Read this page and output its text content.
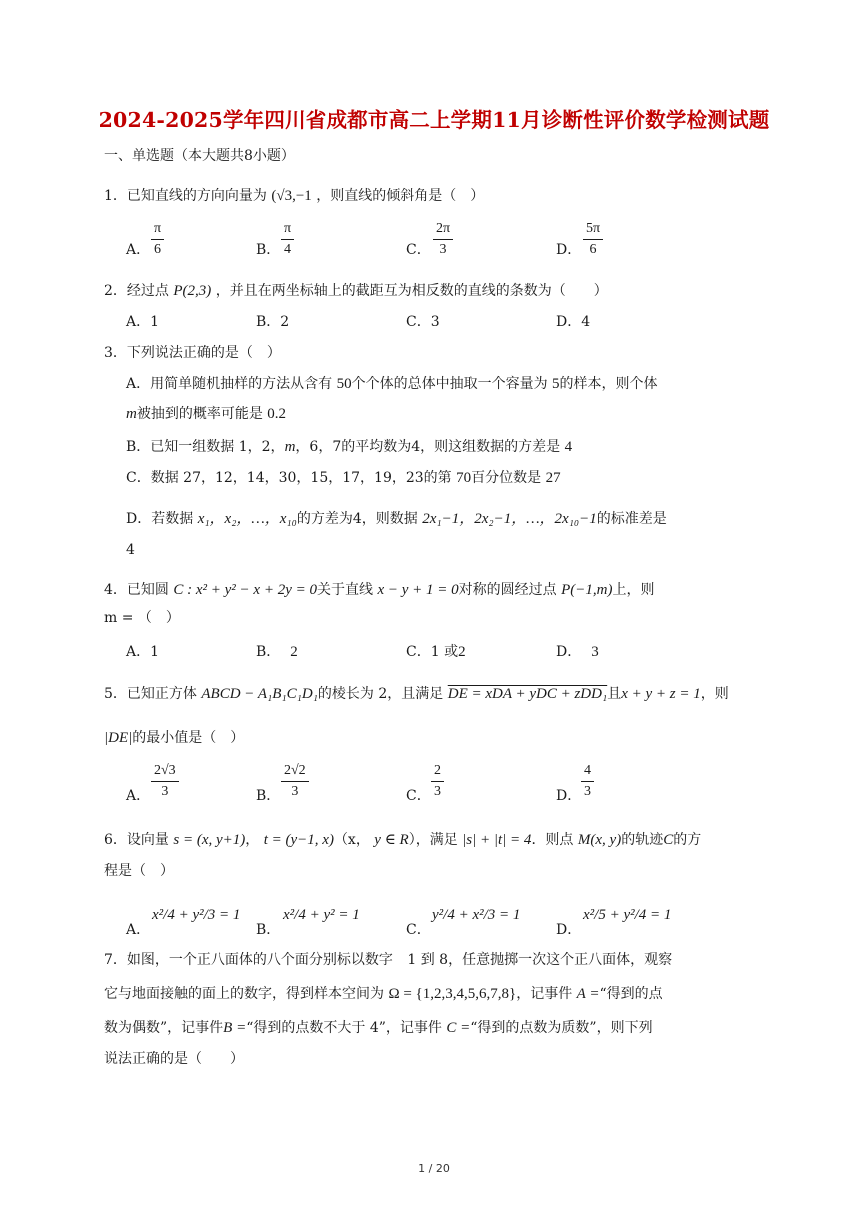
2024-2025学年四川省成都市高二上学期11月诊断性评价数学检测试题
一、单选题（本大题共8小题）
1．已知直线的方向向量为 (√3,−1 ，则直线的倾斜角是（　）
A． $\frac{\pi}{6}$	B． $\frac{\pi}{4}$	C． $\frac{2\pi}{3}$	D． $\frac{5\pi}{6}$
2．经过点 P(2,3) ，并且在两坐标轴上的截距互为相反数的直线的条数为（　　）
A．1	B．2	C．3	D．4
3．下列说法正确的是（　）
A．用简单随机抽样的方法从含有 50个个体的总体中抽取一个容量为 5的样本，则个体
m被抽到的概率可能是 0.2
B．已知一组数据 1，2，m，6，7的平均数为4，则这组数据的方差是 4
C．数据 27，12，14，30，15，17，19，23的第 70百分位数是 27
D．若数据 x₁，x₂，…，x₁₀的方差为4，则数据 2x₁−1，2x₂−1，…，2x₁₀−1的标准差是
4
4．已知圆 C : x² + y² − x + 2y = 0关于直线 x − y + 1 = 0对称的圆经过点 P(−1,m)上，则
m = （　）
A．1	B． 2	C．1 或2	D． 3
5．已知正方体 ABCD − A₁B₁C₁D₁的棱长为 2，且满足 DE = xDA + yDC + zDD₁且x + y + z = 1，则
|DE|的最小值是（　）
A． $\frac{2√3}{3}$	B． $\frac{2√2}{3}$	C． $\frac{2}{3}$	D． $\frac{4}{3}$
6．设向量 s = (x, y+1)， t = (y−1, x)（x， y ∈ R），满足 |s| + |t| = 4．则点 M(x, y)的轨迹C的方
程是（　）
A．
x²/4 + y²/3 = 1
B．
x²/4 + y² = 1
C．
y²/4 + x²/3 = 1
D．
x²/5 + y²/4 = 1
7．如图，一个正八面体的八个面分别标以数字 1 到 8，任意抛掷一次这个正八面体，观察
它与地面接触的面上的数字，得到样本空间为 Ω = {1,2,3,4,5,6,7,8}，记事件 A =“得到的点
数为偶数”，记事件B =“得到的点数不大于 4”，记事件 C =“得到的点数为质数”，则下列
说法正确的是（　　）
1 / 20
